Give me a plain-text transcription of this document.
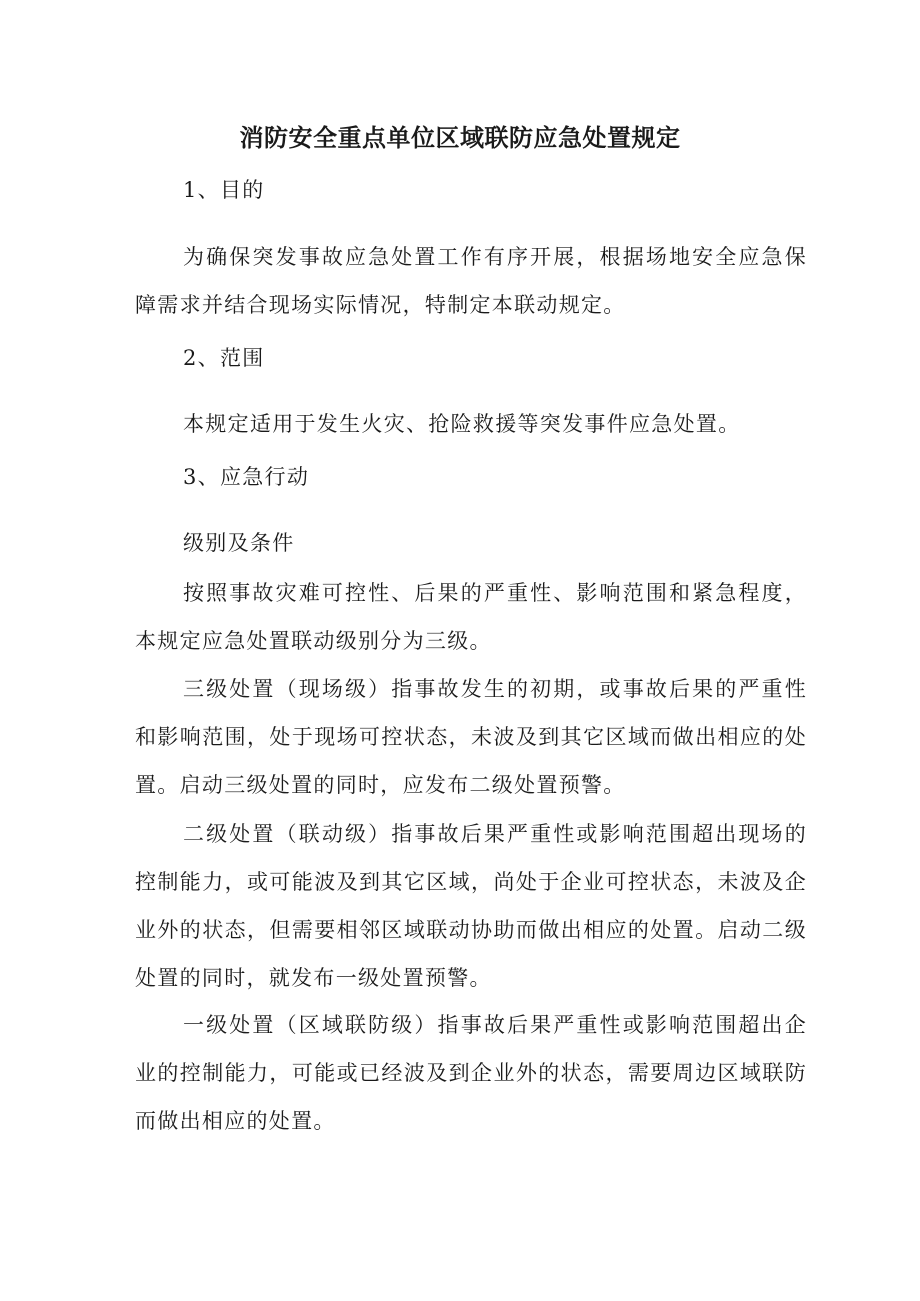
消防安全重点单位区域联防应急处置规定

1、目的

为确保突发事故应急处置工作有序开展，根据场地安全应急保障需求并结合现场实际情况，特制定本联动规定。

2、范围

本规定适用于发生火灾、抢险救援等突发事件应急处置。

3、应急行动

级别及条件

按照事故灾难可控性、后果的严重性、影响范围和紧急程度，本规定应急处置联动级别分为三级。

三级处置（现场级）指事故发生的初期，或事故后果的严重性和影响范围，处于现场可控状态，未波及到其它区域而做出相应的处置。启动三级处置的同时，应发布二级处置预警。

二级处置（联动级）指事故后果严重性或影响范围超出现场的控制能力，或可能波及到其它区域，尚处于企业可控状态，未波及企业外的状态，但需要相邻区域联动协助而做出相应的处置。启动二级处置的同时，就发布一级处置预警。

一级处置（区域联防级）指事故后果严重性或影响范围超出企业的控制能力，可能或已经波及到企业外的状态，需要周边区域联防而做出相应的处置。
